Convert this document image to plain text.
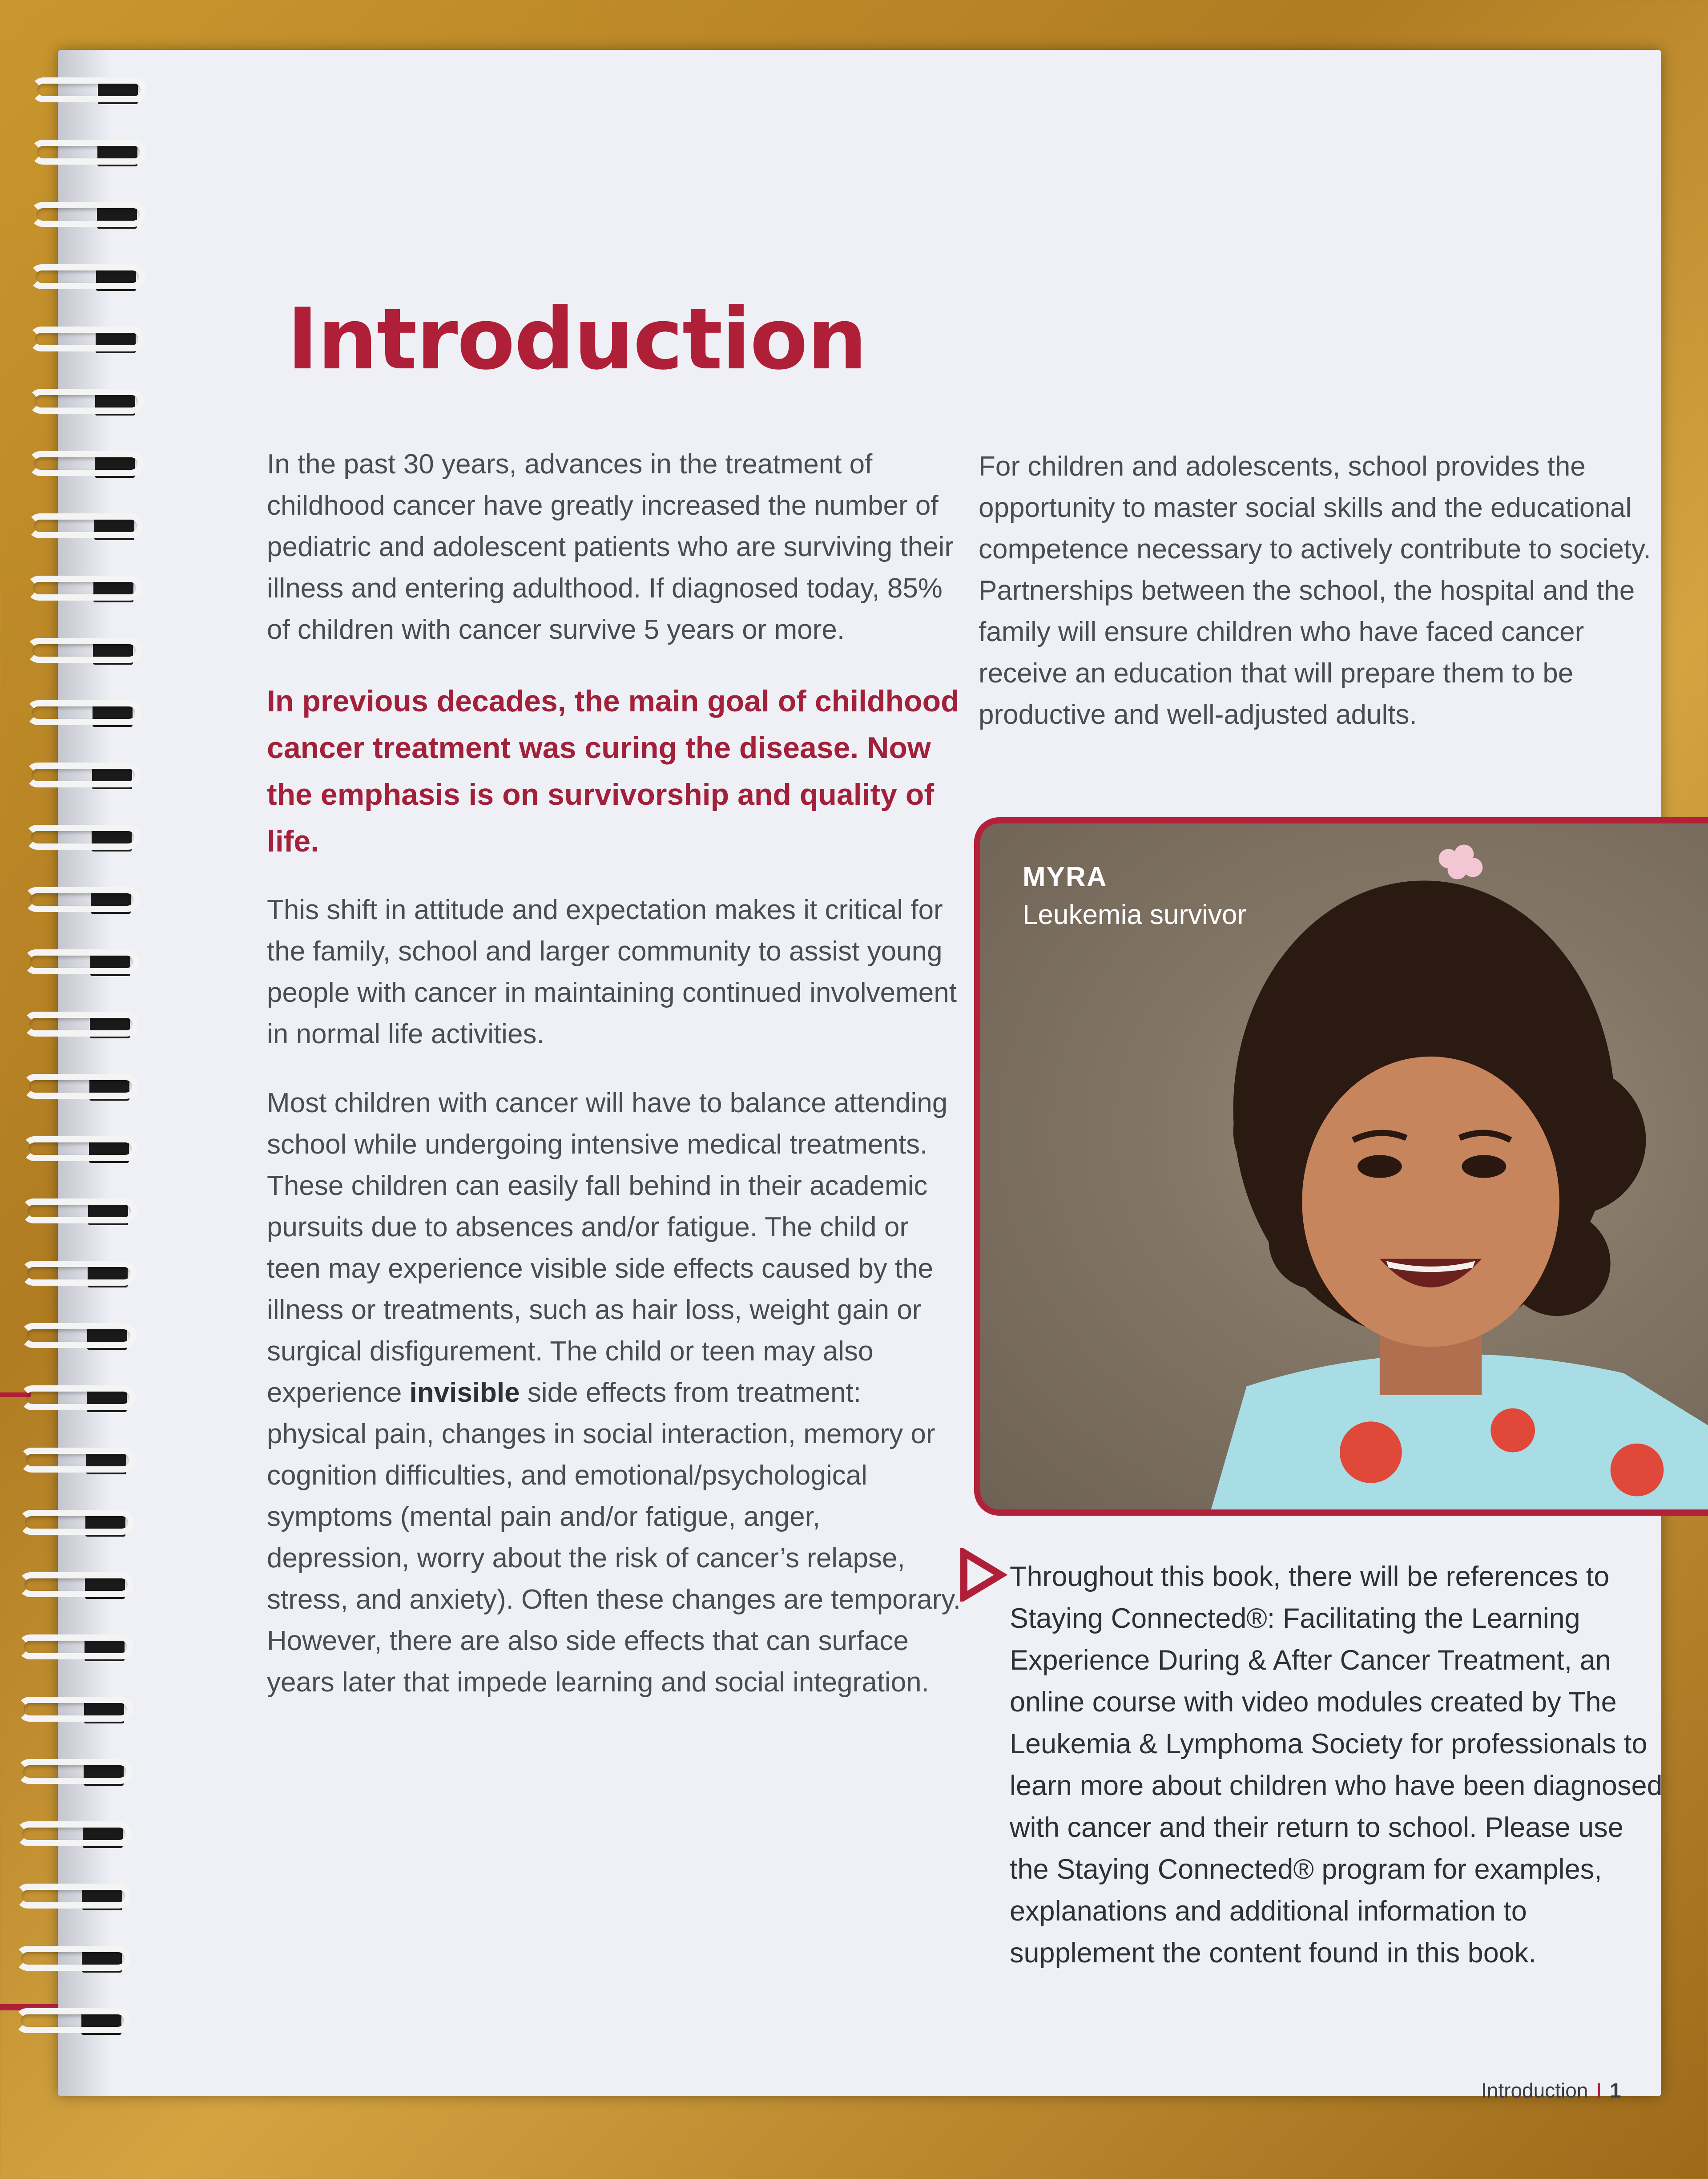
Introduction

In the past 30 years, advances in the treatment of childhood cancer have greatly increased the number of pediatric and adolescent patients who are surviving their illness and entering adulthood. If diagnosed today, 85% of children with cancer survive 5 years or more.

In previous decades, the main goal of childhood cancer treatment was curing the disease. Now the emphasis is on survivorship and quality of life.

This shift in attitude and expectation makes it critical for the family, school and larger community to assist young people with cancer in maintaining continued involvement in normal life activities.

Most children with cancer will have to balance attending school while undergoing intensive medical treatments. These children can easily fall behind in their academic pursuits due to absences and/or fatigue. The child or teen may experience visible side effects caused by the illness or treatments, such as hair loss, weight gain or surgical disfigurement. The child or teen may also experience invisible side effects from treatment: physical pain, changes in social interaction, memory or cognition difficulties, and emotional/psychological symptoms (mental pain and/or fatigue, anger, depression, worry about the risk of cancer’s relapse, stress, and anxiety). Often these changes are temporary. However, there are also side effects that can surface years later that impede learning and social integration.

For children and adolescents, school provides the opportunity to master social skills and the educational competence necessary to actively contribute to society. Partnerships between the school, the hospital and the family will ensure children who have faced cancer receive an education that will prepare them to be productive and well-adjusted adults.

MYRA
Leukemia survivor

Throughout this book, there will be references to Staying Connected®: Facilitating the Learning Experience During & After Cancer Treatment, an online course with video modules created by The Leukemia & Lymphoma Society for professionals to learn more about children who have been diagnosed with cancer and their return to school. Please use the Staying Connected® program for examples, explanations and additional information to supplement the content found in this book.

Introduction I 1
